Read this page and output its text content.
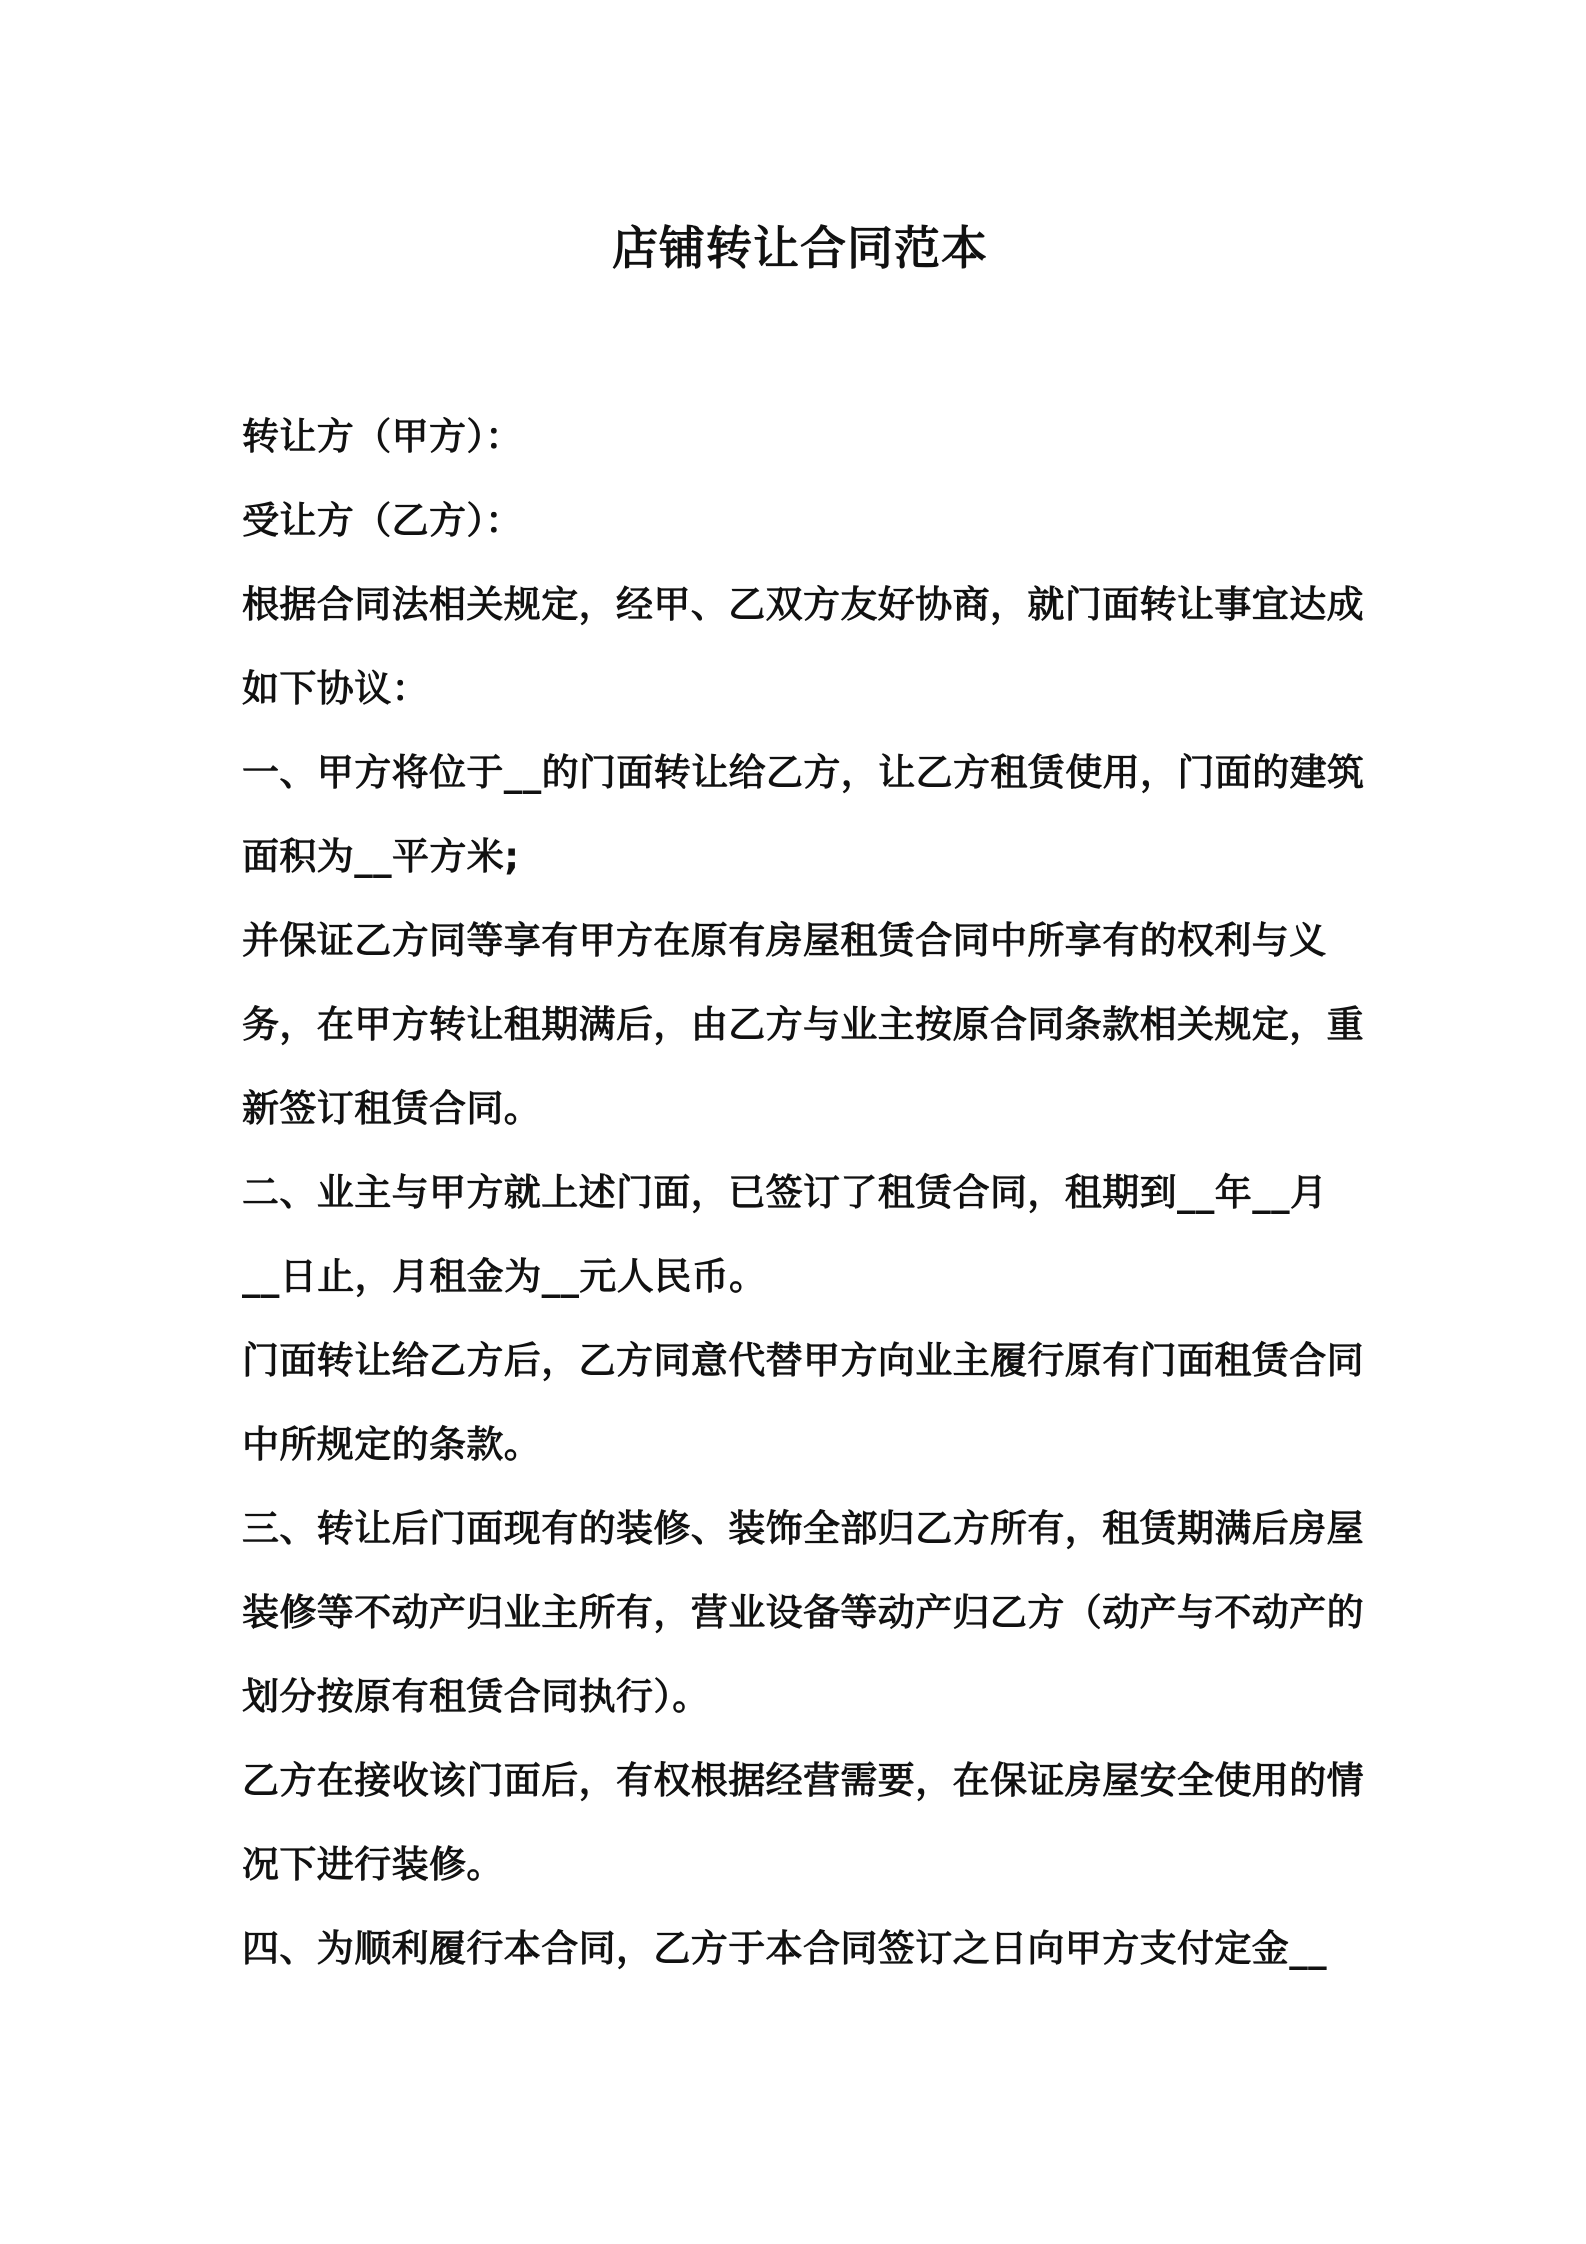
店铺转让合同范本
转让方（甲方）：
受让方（乙方）：
根据合同法相关规定，经甲、乙双方友好协商，就门面转让事宜达成
如下协议：
一、甲方将位于__的门面转让给乙方，让乙方租赁使用，门面的建筑
面积为__平方米;
并保证乙方同等享有甲方在原有房屋租赁合同中所享有的权利与义
务，在甲方转让租期满后，由乙方与业主按原合同条款相关规定，重
新签订租赁合同。
二、业主与甲方就上述门面，已签订了租赁合同，租期到__年__月
__日止，月租金为__元人民币。
门面转让给乙方后，乙方同意代替甲方向业主履行原有门面租赁合同
中所规定的条款。
三、转让后门面现有的装修、装饰全部归乙方所有，租赁期满后房屋
装修等不动产归业主所有，营业设备等动产归乙方（动产与不动产的
划分按原有租赁合同执行）。
乙方在接收该门面后，有权根据经营需要，在保证房屋安全使用的情
况下进行装修。
四、为顺利履行本合同，乙方于本合同签订之日向甲方支付定金__
